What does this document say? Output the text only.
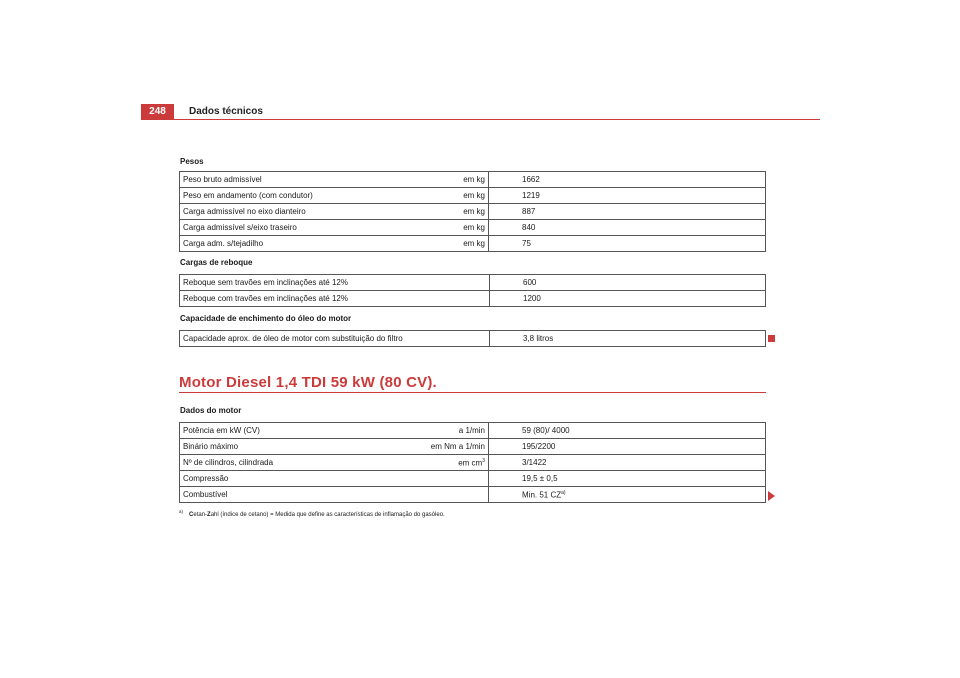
248	Dados técnicos
Pesos
Peso bruto admissível	em kg		1662
Peso em andamento (com condutor)	em kg		1219
Carga admissível no eixo dianteiro	em kg		887
Carga admissível s/eixo traseiro	em kg		840
Carga adm. s/tejadilho	em kg		75
Cargas de reboque
Reboque sem travões em inclinações até 12%		600
Reboque com travões em inclinações até 12%		1200
Capacidade de enchimento do óleo do motor
Capacidade aprox. de óleo de motor com substituição do filtro		3,8 litros
Motor Diesel 1,4 TDI 59 kW (80 CV).
Dados do motor
Potência em kW (CV)	a 1/min		59 (80)/ 4000
Binário máximo	em Nm a 1/min		195/2200
Nº de cilindros, cilindrada	em $cm^3$		3/1422
Compressão			19,5 ± 0,5
Combustível			Min. 51 CZ$^{a)}$
$^{a)}$Cetan-Zahl (índice de cetano) = Medida que define as características de inflamação do gasóleo.
